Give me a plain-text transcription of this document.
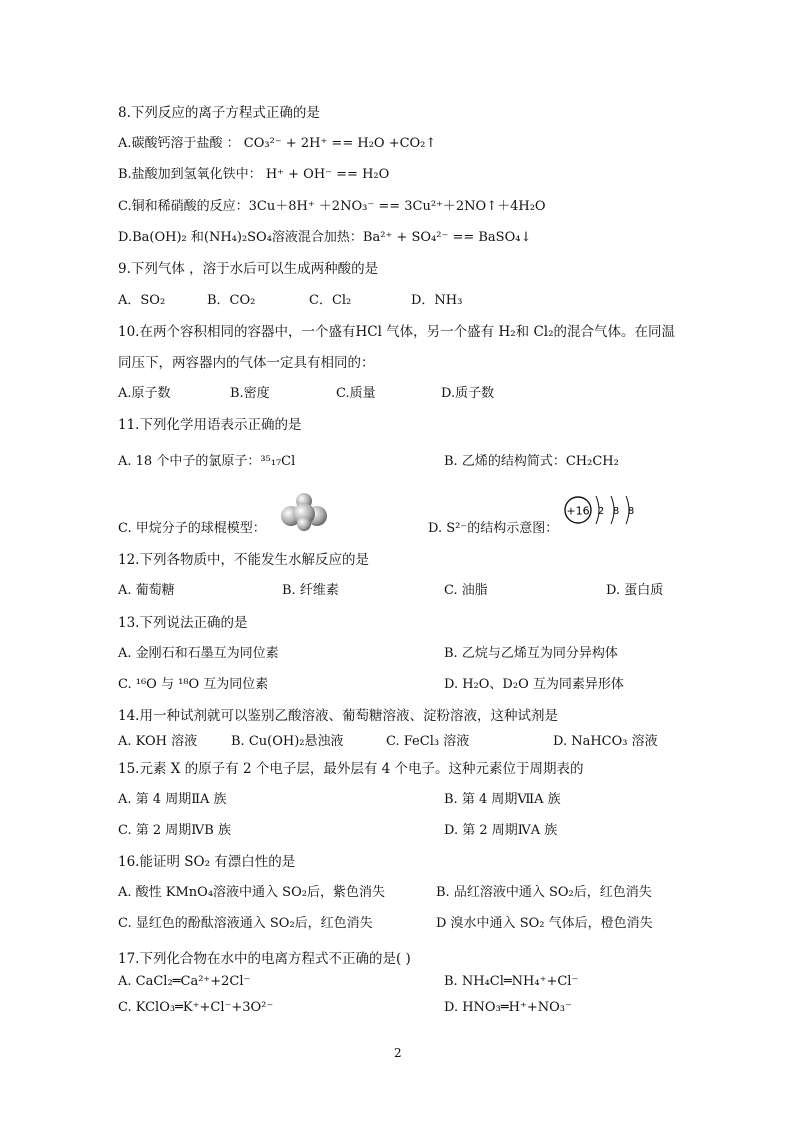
8.下列反应的离子方程式正确的是
A.碳酸钙溶于盐酸 ： CO₃²⁻ + 2H⁺ == H₂O +CO₂↑
B.盐酸加到氢氧化铁中： H⁺ + OH⁻ == H₂O
C.铜和稀硝酸的反应：3Cu＋8H⁺ ＋2NO₃⁻ == 3Cu²⁺＋2NO↑＋4H₂O
D.Ba(OH)₂ 和(NH₄)₂SO₄溶液混合加热：Ba²⁺ + SO₄²⁻ == BaSO₄↓
9.下列气体 ，溶于水后可以生成两种酸的是
A．SO₂	B．CO₂	C．Cl₂	D．NH₃
10.在两个容积相同的容器中，一个盛有HCl 气体，另一个盛有 H₂和 Cl₂的混合气体。在同温
同压下，两容器内的气体一定具有相同的：
A.原子数	B.密度	C.质量	D.质子数
11.下列化学用语表示正确的是
A. 18 个中子的氯原子：³⁵₁₇Cl	B. 乙烯的结构简式：CH₂CH₂
C. 甲烷分子的球棍模型：	D. S²⁻的结构示意图：
+16 2 8 8
12.下列各物质中，不能发生水解反应的是
A. 葡萄糖	B. 纤维素	C. 油脂	D. 蛋白质
13.下列说法正确的是
A. 金刚石和石墨互为同位素	B. 乙烷与乙烯互为同分异构体
C. ¹⁶O 与 ¹⁸O 互为同位素	D. H₂O、D₂O 互为同素异形体
14.用一种试剂就可以鉴别乙酸溶液、葡萄糖溶液、淀粉溶液，这种试剂是
A. KOH 溶液	B. Cu(OH)₂悬浊液	C. FeCl₃ 溶液	D. NaHCO₃ 溶液
15.元素 X 的原子有 2 个电子层，最外层有 4 个电子。这种元素位于周期表的
A. 第 4 周期ⅡA 族	B. 第 4 周期ⅦA 族
C. 第 2 周期ⅣB 族	D. 第 2 周期ⅣA 族
16.能证明 SO₂ 有漂白性的是
A. 酸性 KMnO₄溶液中通入 SO₂后，紫色消失	B. 品红溶液中通入 SO₂后，红色消失
C. 显红色的酚酞溶液通入 SO₂后，红色消失	D 溴水中通入 SO₂ 气体后，橙色消失
17.下列化合物在水中的电离方程式不正确的是( )
A. CaCl₂═Ca²⁺+2Cl⁻	B. NH₄Cl═NH₄⁺+Cl⁻
C. KClO₃═K⁺+Cl⁻+3O²⁻	D. HNO₃═H⁺+NO₃⁻
2
